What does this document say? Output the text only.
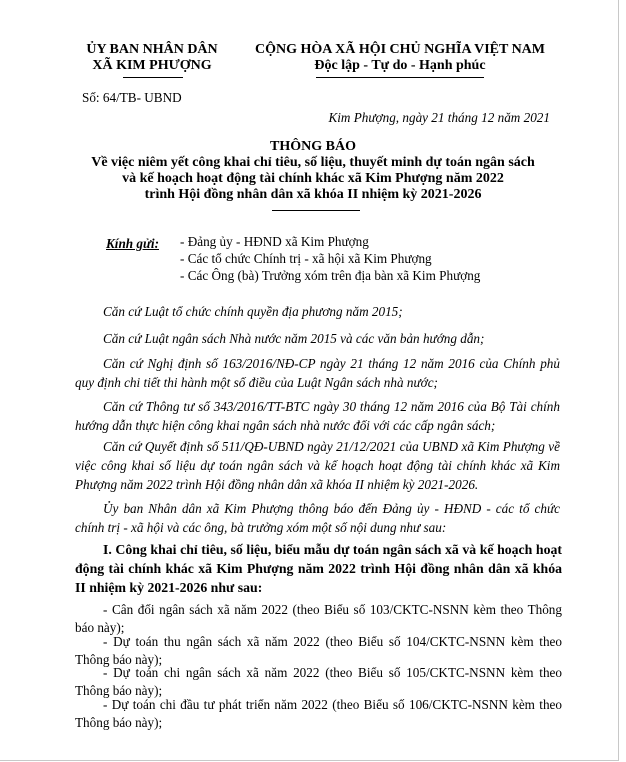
ỦY BAN NHÂN DÂN
XÃ KIM PHƯỢNG
CỘNG HÒA XÃ HỘI CHỦ NGHĨA VIỆT NAM
Độc lập - Tự do - Hạnh phúc
Số: 64/TB- UBND
Kim Phượng, ngày 21 tháng 12 năm 2021
THÔNG BÁO
Về việc niêm yết công khai chỉ tiêu, số liệu, thuyết minh dự toán ngân sách
và kế hoạch hoạt động tài chính khác xã Kim Phượng năm 2022
trình Hội đồng nhân dân xã khóa II nhiệm kỳ 2021-2026
Kính gửi: - Đảng ủy - HĐND xã Kim Phượng
- Các tổ chức Chính trị - xã hội xã Kim Phượng
- Các Ông (bà) Trưởng xóm trên địa bàn xã Kim Phượng
Căn cứ Luật tổ chức chính quyền địa phương năm 2015;
Căn cứ Luật ngân sách Nhà nước năm 2015 và các văn bản hướng dẫn;
Căn cứ Nghị định số 163/2016/NĐ-CP ngày 21 tháng 12 năm 2016 của Chính phủ quy định chi tiết thi hành một số điều của Luật Ngân sách nhà nước;
Căn cứ Thông tư số 343/2016/TT-BTC ngày 30 tháng 12 năm 2016 của Bộ Tài chính hướng dẫn thực hiện công khai ngân sách nhà nước đối với các cấp ngân sách;
Căn cứ Quyết định số 511/QĐ-UBND ngày 21/12/2021 của UBND xã Kim Phượng về việc công khai số liệu dự toán ngân sách và kế hoạch hoạt động tài chính khác xã Kim Phượng năm 2022 trình Hội đồng nhân dân xã khóa II nhiệm kỳ 2021-2026.
Ủy ban Nhân dân xã Kim Phượng thông báo đến Đảng ủy - HĐND - các tổ chức chính trị - xã hội và các ông, bà trưởng xóm một số nội dung như sau:
I. Công khai chỉ tiêu, số liệu, biểu mẫu dự toán ngân sách xã và kế hoạch hoạt động tài chính khác xã Kim Phượng năm 2022 trình Hội đồng nhân dân xã khóa II nhiệm kỳ 2021-2026 như sau:
- Cân đối ngân sách xã năm 2022 (theo Biểu số 103/CKTC-NSNN kèm theo Thông báo này);
- Dự toán thu ngân sách xã năm 2022 (theo Biểu số 104/CKTC-NSNN kèm theo Thông báo này);
- Dự toán chi ngân sách xã năm 2022 (theo Biểu số 105/CKTC-NSNN kèm theo Thông báo này);
- Dự toán chi đầu tư phát triển năm 2022 (theo Biểu số 106/CKTC-NSNN kèm theo Thông báo này);
